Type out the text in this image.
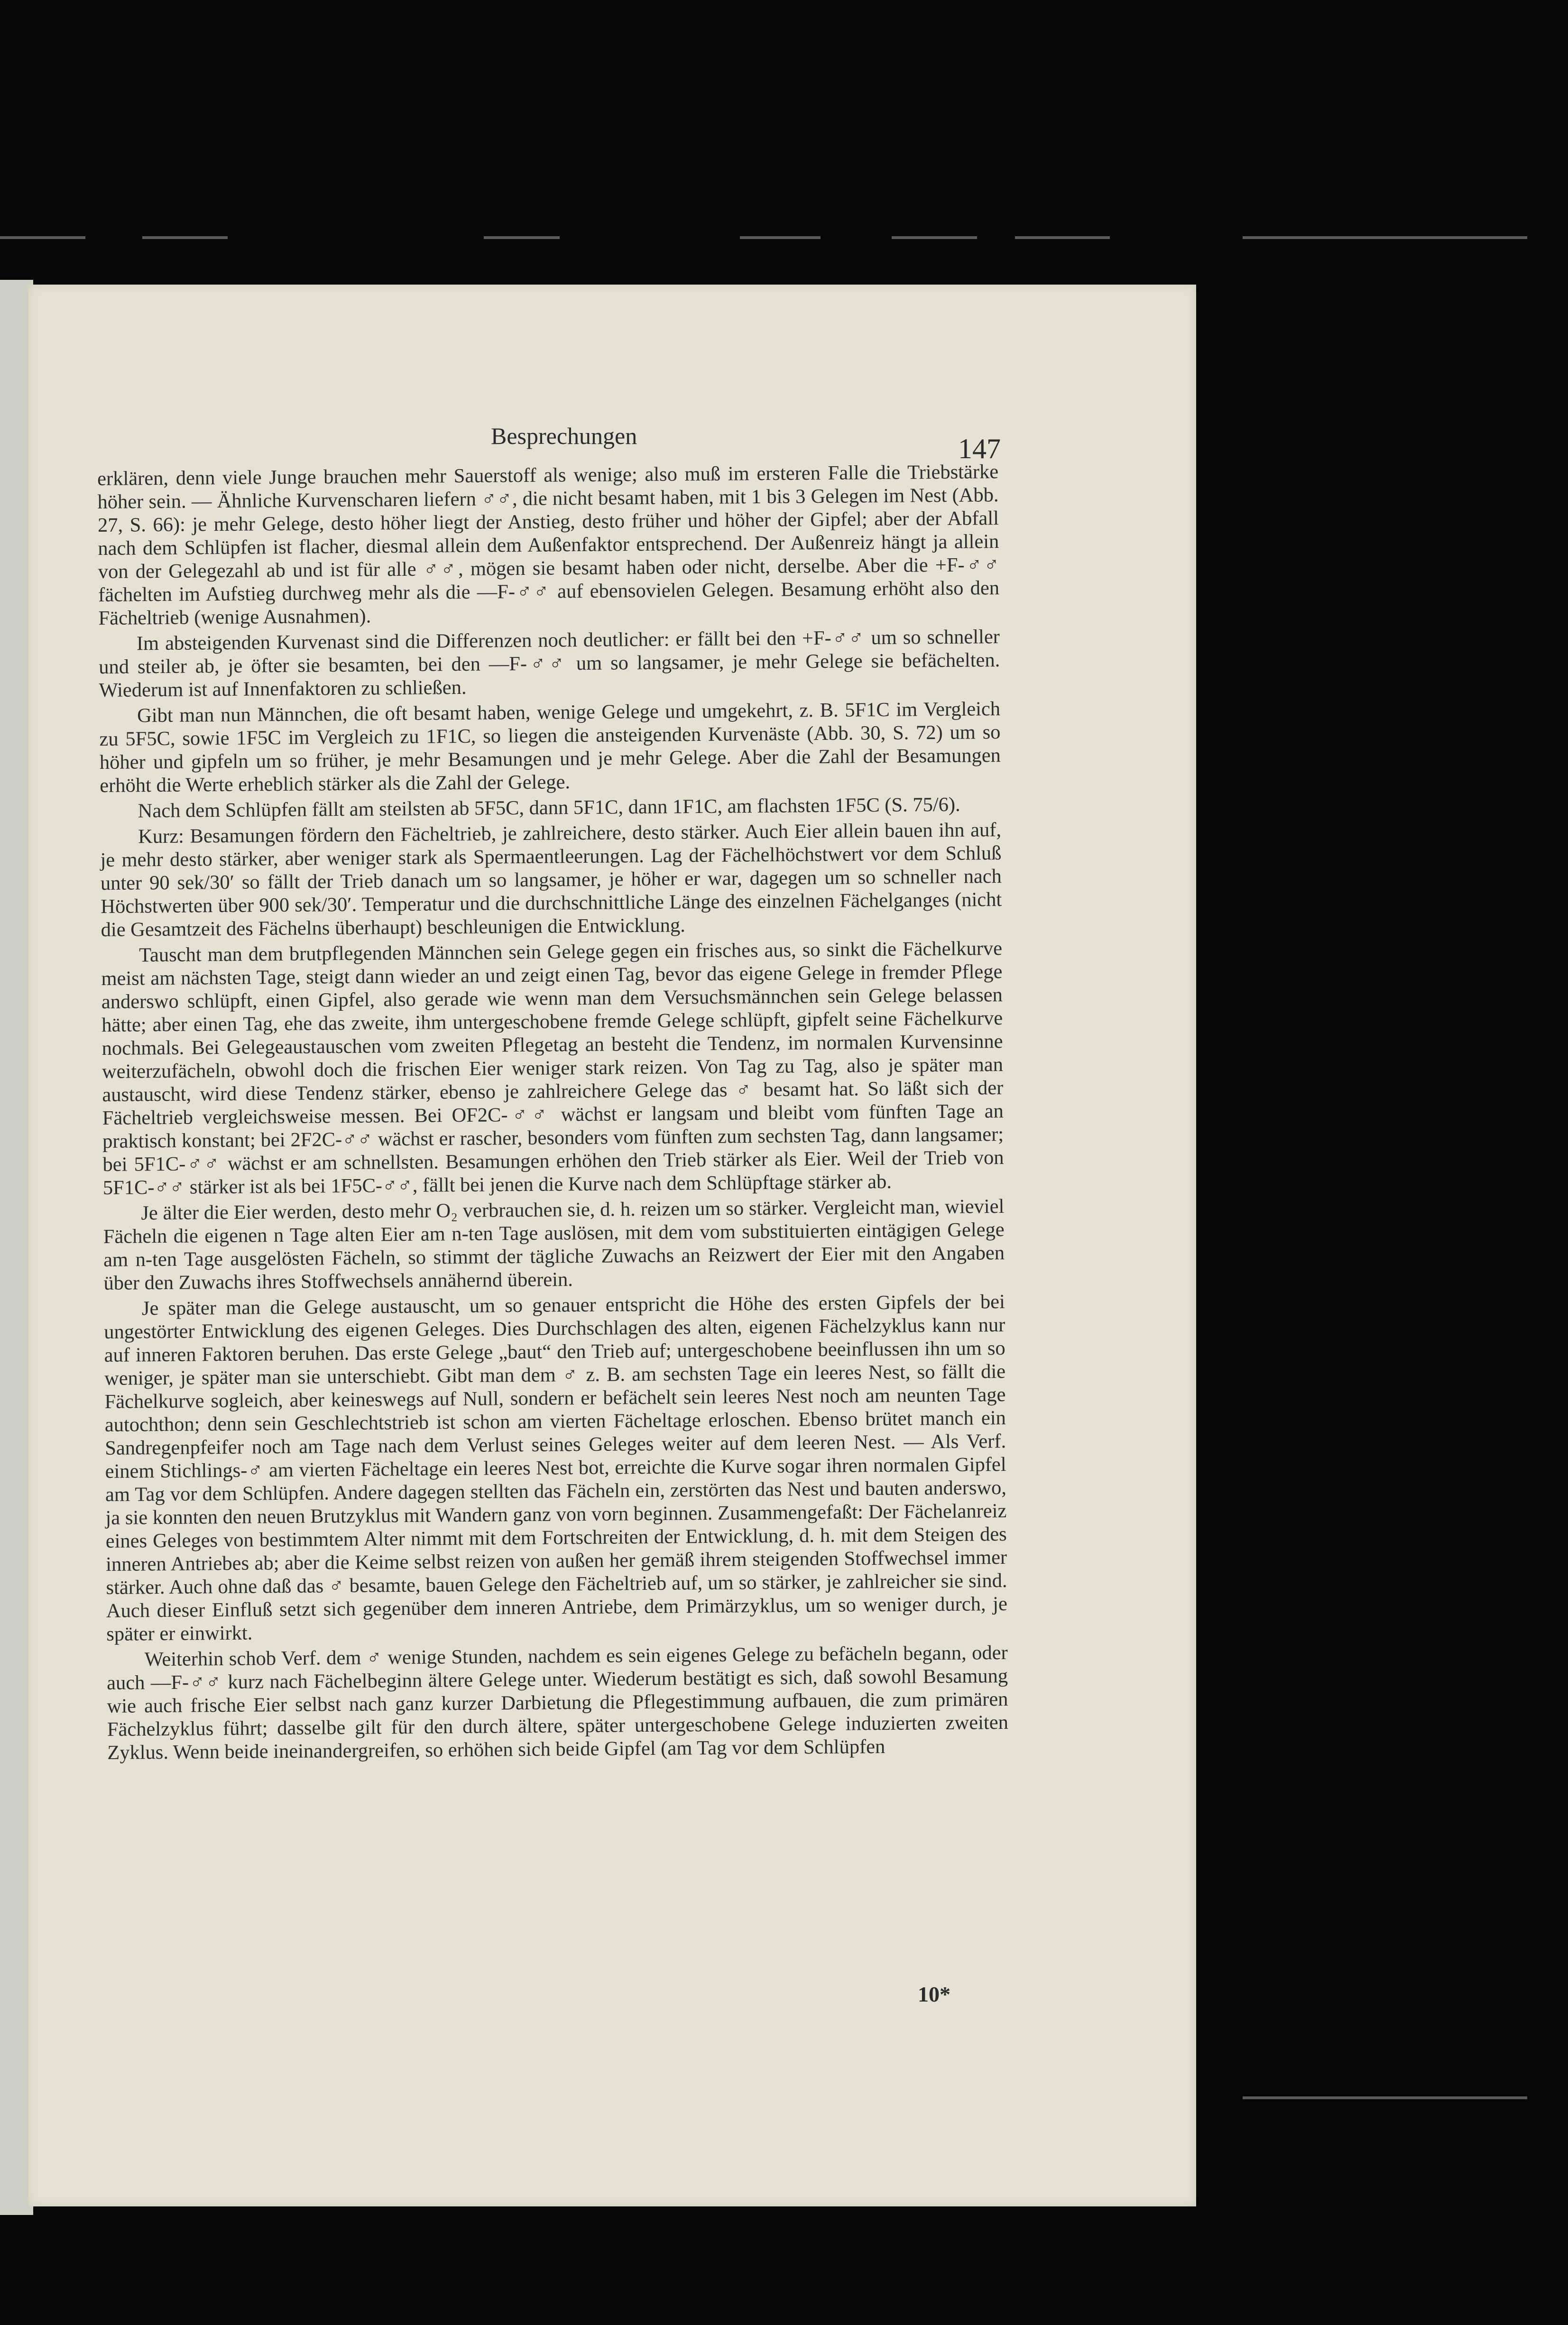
Besprechungen	147

erklären, denn viele Junge brauchen mehr Sauerstoff als wenige; also muß im ersteren Falle die Triebstärke höher sein. — Ähnliche Kurvenscharen liefern ♂♂, die nicht besamt haben, mit 1 bis 3 Gelegen im Nest (Abb. 27, S. 66): je mehr Gelege, desto höher liegt der Anstieg, desto früher und höher der Gipfel; aber der Abfall nach dem Schlüpfen ist flacher, diesmal allein dem Außenfaktor entsprechend. Der Außenreiz hängt ja allein von der Gelegezahl ab und ist für alle ♂♂, mögen sie besamt haben oder nicht, derselbe. Aber die +F-♂♂ fächelten im Aufstieg durchweg mehr als die —F-♂♂ auf ebensovielen Gelegen. Besamung erhöht also den Fächeltrieb (wenige Ausnahmen).

Im absteigenden Kurvenast sind die Differenzen noch deutlicher: er fällt bei den +F-♂♂ um so schneller und steiler ab, je öfter sie besamten, bei den —F-♂♂ um so langsamer, je mehr Gelege sie befächelten. Wiederum ist auf Innenfaktoren zu schließen.

Gibt man nun Männchen, die oft besamt haben, wenige Gelege und umgekehrt, z. B. 5F1C im Vergleich zu 5F5C, sowie 1F5C im Vergleich zu 1F1C, so liegen die ansteigenden Kurvenäste (Abb. 30, S. 72) um so höher und gipfeln um so früher, je mehr Besamungen und je mehr Gelege. Aber die Zahl der Besamungen erhöht die Werte erheblich stärker als die Zahl der Gelege.

Nach dem Schlüpfen fällt am steilsten ab 5F5C, dann 5F1C, dann 1F1C, am flachsten 1F5C (S. 75/6).

Kurz: Besamungen fördern den Fächeltrieb, je zahlreichere, desto stärker. Auch Eier allein bauen ihn auf, je mehr desto stärker, aber weniger stark als Spermaentleerungen. Lag der Fächelhöchstwert vor dem Schluß unter 90 sek/30′ so fällt der Trieb danach um so langsamer, je höher er war, dagegen um so schneller nach Höchstwerten über 900 sek/30′. Temperatur und die durchschnittliche Länge des einzelnen Fächelganges (nicht die Gesamtzeit des Fächelns überhaupt) beschleunigen die Entwicklung.

Tauscht man dem brutpflegenden Männchen sein Gelege gegen ein frisches aus, so sinkt die Fächelkurve meist am nächsten Tage, steigt dann wieder an und zeigt einen Tag, bevor das eigene Gelege in fremder Pflege anderswo schlüpft, einen Gipfel, also gerade wie wenn man dem Versuchsmännchen sein Gelege belassen hätte; aber einen Tag, ehe das zweite, ihm untergeschobene fremde Gelege schlüpft, gipfelt seine Fächelkurve nochmals. Bei Gelegeaustauschen vom zweiten Pflegetag an besteht die Tendenz, im normalen Kurvensinne weiterzufächeln, obwohl doch die frischen Eier weniger stark reizen. Von Tag zu Tag, also je später man austauscht, wird diese Tendenz stärker, ebenso je zahlreichere Gelege das ♂ besamt hat. So läßt sich der Fächeltrieb vergleichsweise messen. Bei OF2C-♂♂ wächst er langsam und bleibt vom fünften Tage an praktisch konstant; bei 2F2C-♂♂ wächst er rascher, besonders vom fünften zum sechsten Tag, dann langsamer; bei 5F1C-♂♂ wächst er am schnellsten. Besamungen erhöhen den Trieb stärker als Eier. Weil der Trieb von 5F1C-♂♂ stärker ist als bei 1F5C-♂♂, fällt bei jenen die Kurve nach dem Schlüpftage stärker ab.

Je älter die Eier werden, desto mehr O₂ verbrauchen sie, d. h. reizen um so stärker. Vergleicht man, wieviel Fächeln die eigenen n Tage alten Eier am n-ten Tage auslösen, mit dem vom substituierten eintägigen Gelege am n-ten Tage ausgelösten Fächeln, so stimmt der tägliche Zuwachs an Reizwert der Eier mit den Angaben über den Zuwachs ihres Stoffwechsels annähernd überein.

Je später man die Gelege austauscht, um so genauer entspricht die Höhe des ersten Gipfels der bei ungestörter Entwicklung des eigenen Geleges. Dies Durchschlagen des alten, eigenen Fächelzyklus kann nur auf inneren Faktoren beruhen. Das erste Gelege „baut“ den Trieb auf; untergeschobene beeinflussen ihn um so weniger, je später man sie unterschiebt. Gibt man dem ♂ z. B. am sechsten Tage ein leeres Nest, so fällt die Fächelkurve sogleich, aber keineswegs auf Null, sondern er befächelt sein leeres Nest noch am neunten Tage autochthon; denn sein Geschlechtstrieb ist schon am vierten Fächeltage erloschen. Ebenso brütet manch ein Sandregenpfeifer noch am Tage nach dem Verlust seines Geleges weiter auf dem leeren Nest. — Als Verf. einem Stichlings-♂ am vierten Fächeltage ein leeres Nest bot, erreichte die Kurve sogar ihren normalen Gipfel am Tag vor dem Schlüpfen. Andere dagegen stellten das Fächeln ein, zerstörten das Nest und bauten anderswo, ja sie konnten den neuen Brutzyklus mit Wandern ganz von vorn beginnen. Zusammengefaßt: Der Fächelanreiz eines Geleges von bestimmtem Alter nimmt mit dem Fortschreiten der Entwicklung, d. h. mit dem Steigen des inneren Antriebes ab; aber die Keime selbst reizen von außen her gemäß ihrem steigenden Stoffwechsel immer stärker. Auch ohne daß das ♂ besamte, bauen Gelege den Fächeltrieb auf, um so stärker, je zahlreicher sie sind. Auch dieser Einfluß setzt sich gegenüber dem inneren Antriebe, dem Primärzyklus, um so weniger durch, je später er einwirkt.

Weiterhin schob Verf. dem ♂ wenige Stunden, nachdem es sein eigenes Gelege zu befächeln begann, oder auch —F-♂♂ kurz nach Fächelbeginn ältere Gelege unter. Wiederum bestätigt es sich, daß sowohl Besamung wie auch frische Eier selbst nach ganz kurzer Darbietung die Pflegestimmung aufbauen, die zum primären Fächelzyklus führt; dasselbe gilt für den durch ältere, später untergeschobene Gelege induzierten zweiten Zyklus. Wenn beide ineinandergreifen, so erhöhen sich beide Gipfel (am Tag vor dem Schlüpfen

10*
